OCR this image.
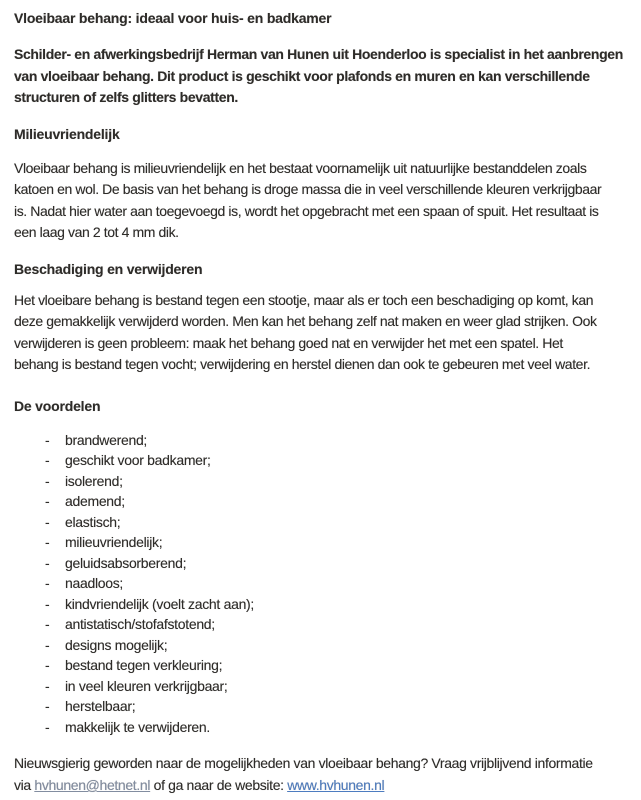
Vloeibaar behang: ideaal voor huis- en badkamer
Schilder- en afwerkingsbedrijf Herman van Hunen uit Hoenderloo is specialist in het aanbrengen
van vloeibaar behang. Dit product is geschikt voor plafonds en muren en kan verschillende
structuren of zelfs glitters bevatten.
Milieuvriendelijk
Vloeibaar behang is milieuvriendelijk en het bestaat voornamelijk uit natuurlijke bestanddelen zoals
katoen en wol. De basis van het behang is droge massa die in veel verschillende kleuren verkrijgbaar
is. Nadat hier water aan toegevoegd is, wordt het opgebracht met een spaan of spuit. Het resultaat is
een laag van 2 tot 4 mm dik.
Beschadiging en verwijderen
Het vloeibare behang is bestand tegen een stootje, maar als er toch een beschadiging op komt, kan
deze gemakkelijk verwijderd worden. Men kan het behang zelf nat maken en weer glad strijken. Ook
verwijderen is geen probleem: maak het behang goed nat en verwijder het met een spatel. Het
behang is bestand tegen vocht; verwijdering en herstel dienen dan ook te gebeuren met veel water.
De voordelen
-	brandwerend;
-	geschikt voor badkamer;
-	isolerend;
-	ademend;
-	elastisch;
-	milieuvriendelijk;
-	geluidsabsorberend;
-	naadloos;
-	kindvriendelijk (voelt zacht aan);
-	antistatisch/stofafstotend;
-	designs mogelijk;
-	bestand tegen verkleuring;
-	in veel kleuren verkrijgbaar;
-	herstelbaar;
-	makkelijk te verwijderen.
Nieuwsgierig geworden naar de mogelijkheden van vloeibaar behang? Vraag vrijblijvend informatie
via hvhunen@hetnet.nl of ga naar de website: www.hvhunen.nl
